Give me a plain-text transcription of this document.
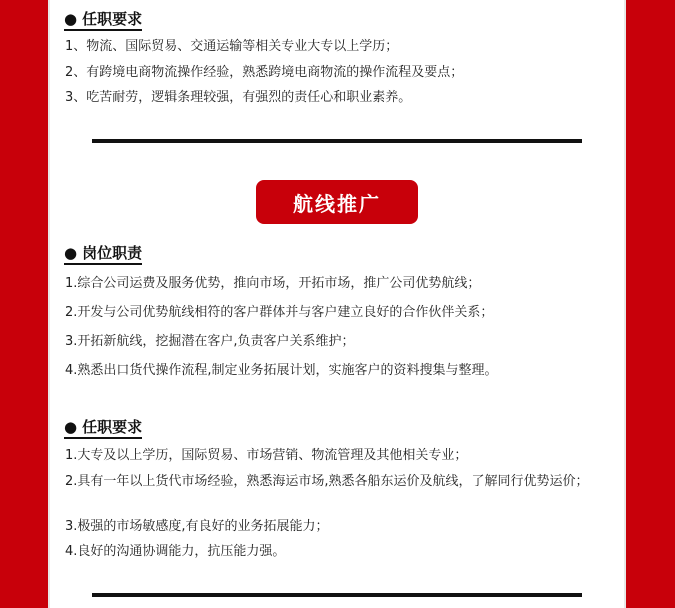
● 任职要求
1、物流、国际贸易、交通运输等相关专业大专以上学历；
2、有跨境电商物流操作经验，熟悉跨境电商物流的操作流程及要点；
3、吃苦耐劳，逻辑条理较强，有强烈的责任心和职业素养。
航线推广
● 岗位职责
1.综合公司运费及服务优势，推向市场，开拓市场，推广公司优势航线；
2.开发与公司优势航线相符的客户群体并与客户建立良好的合作伙伴关系；
3.开拓新航线，挖掘潜在客户,负责客户关系维护；
4.熟悉出口货代操作流程,制定业务拓展计划，实施客户的资料搜集与整理。
● 任职要求
1.大专及以上学历，国际贸易、市场营销、物流管理及其他相关专业；
2.具有一年以上货代市场经验，熟悉海运市场,熟悉各船东运价及航线，了解同行优势运价；
3.极强的市场敏感度,有良好的业务拓展能力；
4.良好的沟通协调能力，抗压能力强。
